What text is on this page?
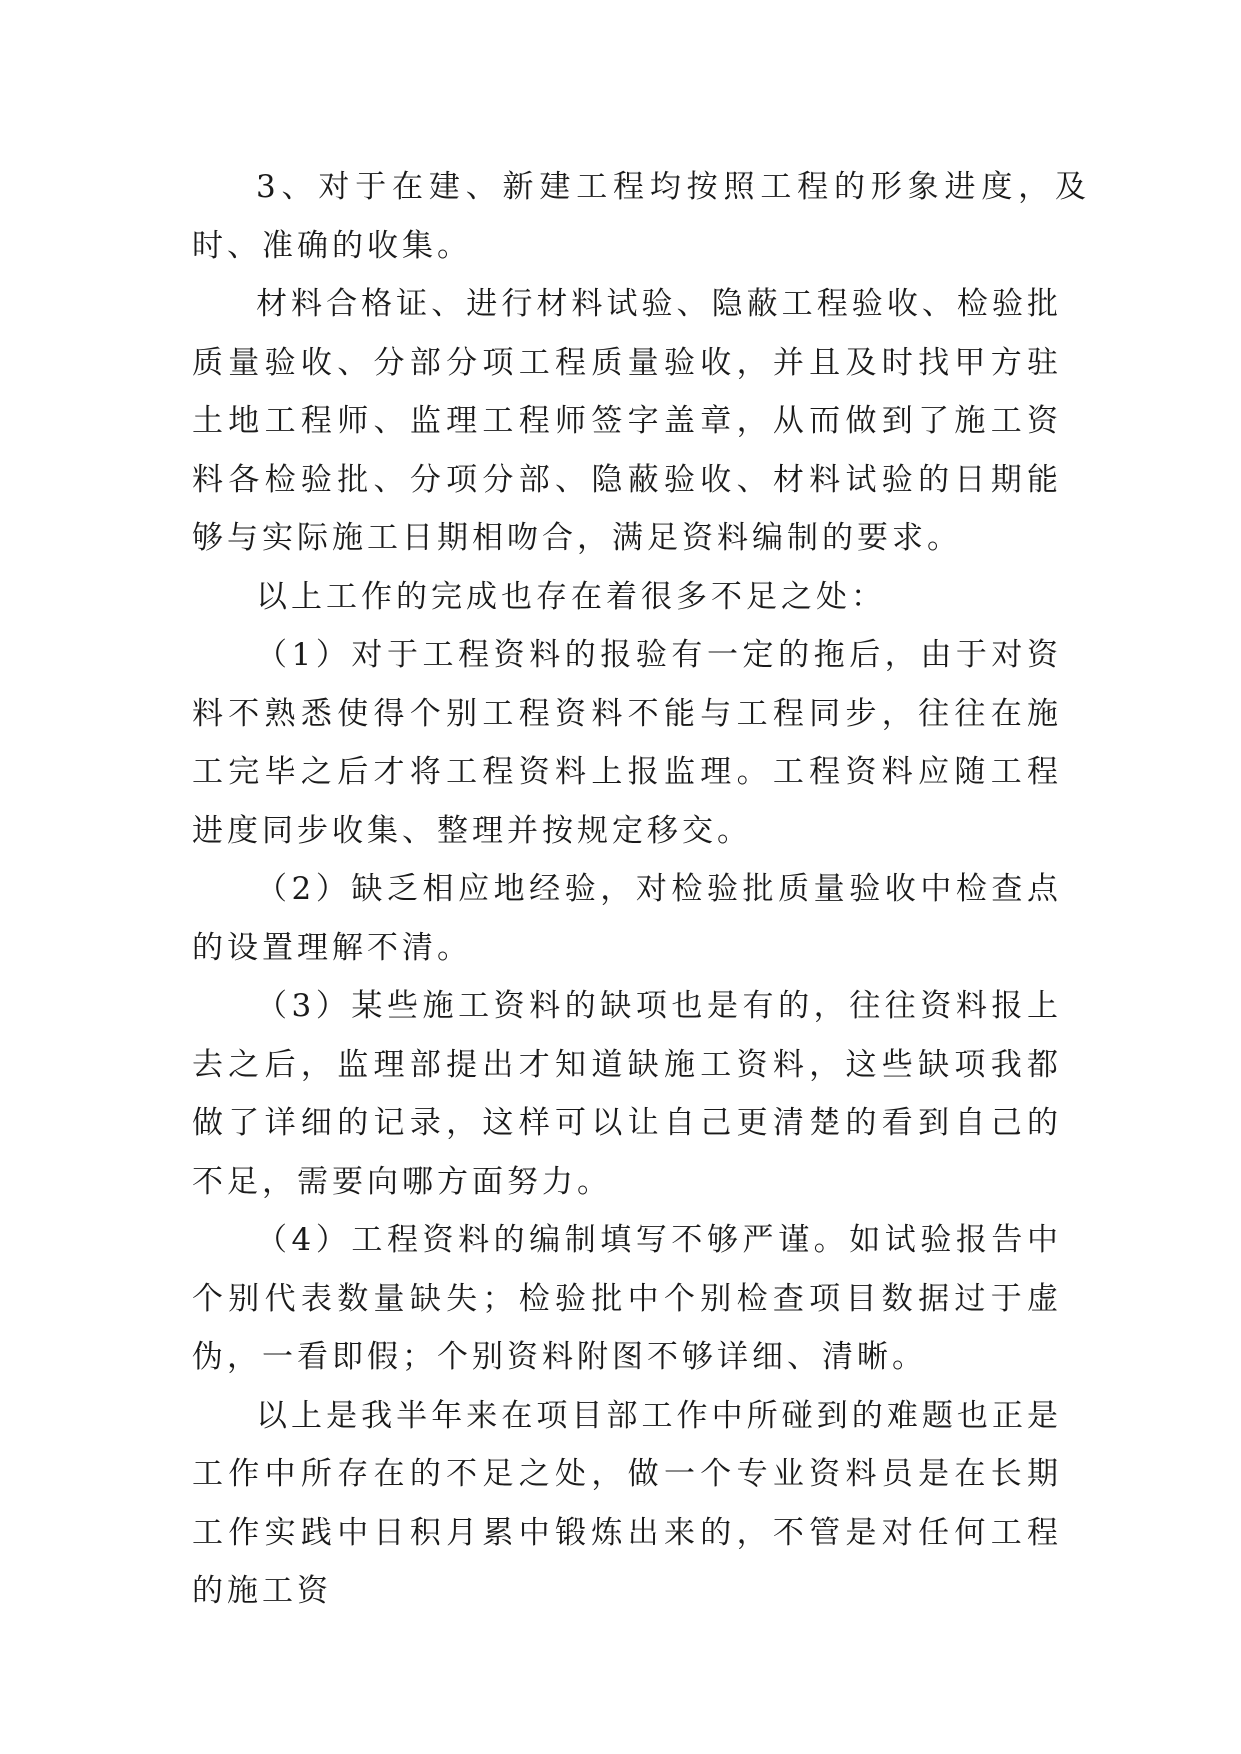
3、对于在建、新建工程均按照工程的形象进度，及时、准确的收集。

材料合格证、进行材料试验、隐蔽工程验收、检验批质量验收、分部分项工程质量验收，并且及时找甲方驻土地工程师、监理工程师签字盖章，从而做到了施工资料各检验批、分项分部、隐蔽验收、材料试验的日期能够与实际施工日期相吻合，满足资料编制的要求。

以上工作的完成也存在着很多不足之处：

（1）对于工程资料的报验有一定的拖后，由于对资料不熟悉使得个别工程资料不能与工程同步，往往在施工完毕之后才将工程资料上报监理。工程资料应随工程进度同步收集、整理并按规定移交。

（2）缺乏相应地经验，对检验批质量验收中检查点的设置理解不清。

（3）某些施工资料的缺项也是有的，往往资料报上去之后，监理部提出才知道缺施工资料，这些缺项我都做了详细的记录，这样可以让自己更清楚的看到自己的不足，需要向哪方面努力。

（4）工程资料的编制填写不够严谨。如试验报告中个别代表数量缺失；检验批中个别检查项目数据过于虚伪，一看即假；个别资料附图不够详细、清晰。

以上是我半年来在项目部工作中所碰到的难题也正是工作中所存在的不足之处，做一个专业资料员是在长期工作实践中日积月累中锻炼出来的，不管是对任何工程的施工资
